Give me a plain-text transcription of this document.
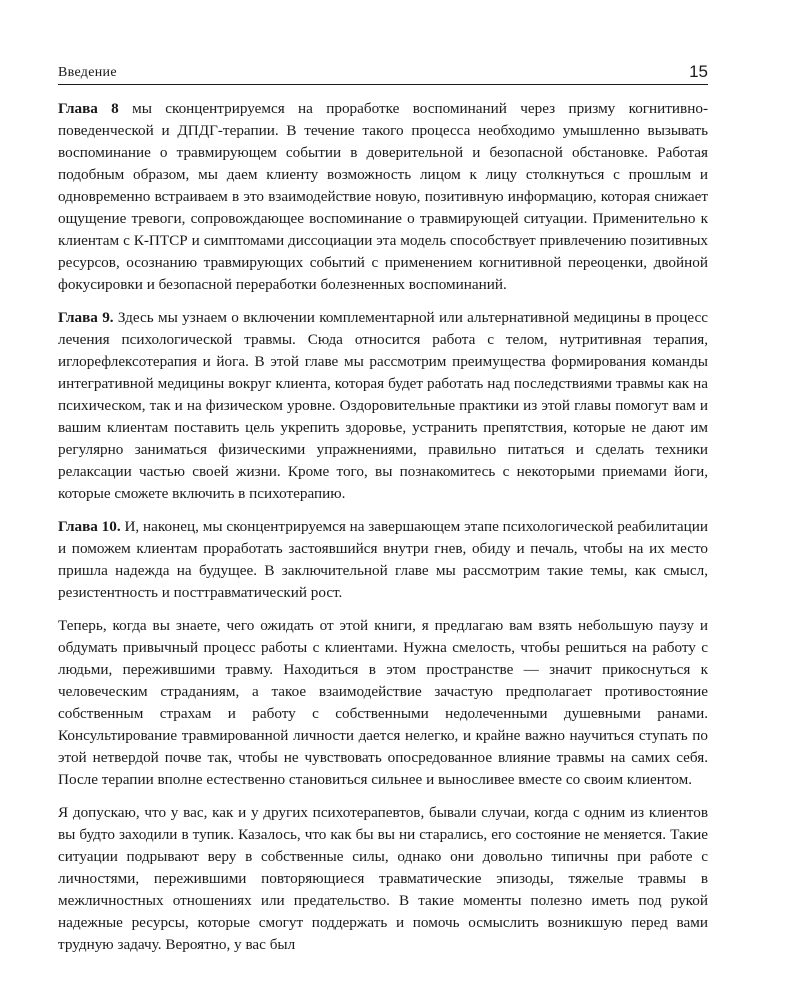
Введение	15

Глава 8 мы сконцентрируемся на проработке воспоминаний через призму когнитивно-поведенческой и ДПДГ-терапии. В течение такого процесса необходимо умышленно вызывать воспоминание о травмирующем событии в доверительной и безопасной обстановке. Работая подобным образом, мы даем клиенту возможность лицом к лицу столкнуться с прошлым и одновременно встраиваем в это взаимодействие новую, позитивную информацию, которая снижает ощущение тревоги, сопровождающее воспоминание о травмирующей ситуации. Применительно к клиентам с К-ПТСР и симптомами диссоциации эта модель способствует привлечению позитивных ресурсов, осознанию травмирующих событий с применением когнитивной переоценки, двойной фокусировки и безопасной переработки болезненных воспоминаний.

Глава 9. Здесь мы узнаем о включении комплементарной или альтернативной медицины в процесс лечения психологической травмы. Сюда относится работа с телом, нутритивная терапия, иглорефлексотерапия и йога. В этой главе мы рассмотрим преимущества формирования команды интегративной медицины вокруг клиента, которая будет работать над последствиями травмы как на психическом, так и на физическом уровне. Оздоровительные практики из этой главы помогут вам и вашим клиентам поставить цель укрепить здоровье, устранить препятствия, которые не дают им регулярно заниматься физическими упражнениями, правильно питаться и сделать техники релаксации частью своей жизни. Кроме того, вы познакомитесь с некоторыми приемами йоги, которые сможете включить в психотерапию.

Глава 10. И, наконец, мы сконцентрируемся на завершающем этапе психологической реабилитации и поможем клиентам проработать застоявшийся внутри гнев, обиду и печаль, чтобы на их место пришла надежда на будущее. В заключительной главе мы рассмотрим такие темы, как смысл, резистентность и посттравматический рост.

Теперь, когда вы знаете, чего ожидать от этой книги, я предлагаю вам взять небольшую паузу и обдумать привычный процесс работы с клиентами. Нужна смелость, чтобы решиться на работу с людьми, пережившими травму. Находиться в этом пространстве — значит прикоснуться к человеческим страданиям, а такое взаимодействие зачастую предполагает противостояние собственным страхам и работу с собственными недолеченными душевными ранами. Консультирование травмированной личности дается нелегко, и крайне важно научиться ступать по этой нетвердой почве так, чтобы не чувствовать опосредованное влияние травмы на самих себя. После терапии вполне естественно становиться сильнее и выносливее вместе со своим клиентом.

Я допускаю, что у вас, как и у других психотерапевтов, бывали случаи, когда с одним из клиентов вы будто заходили в тупик. Казалось, что как бы вы ни старались, его состояние не меняется. Такие ситуации подрывают веру в собственные силы, однако они довольно типичны при работе с личностями, пережившими повторяющиеся травматические эпизоды, тяжелые травмы в межличностных отношениях или предательство. В такие моменты полезно иметь под рукой надежные ресурсы, которые смогут поддержать и помочь осмыслить возникшую перед вами трудную задачу. Вероятно, у вас был
